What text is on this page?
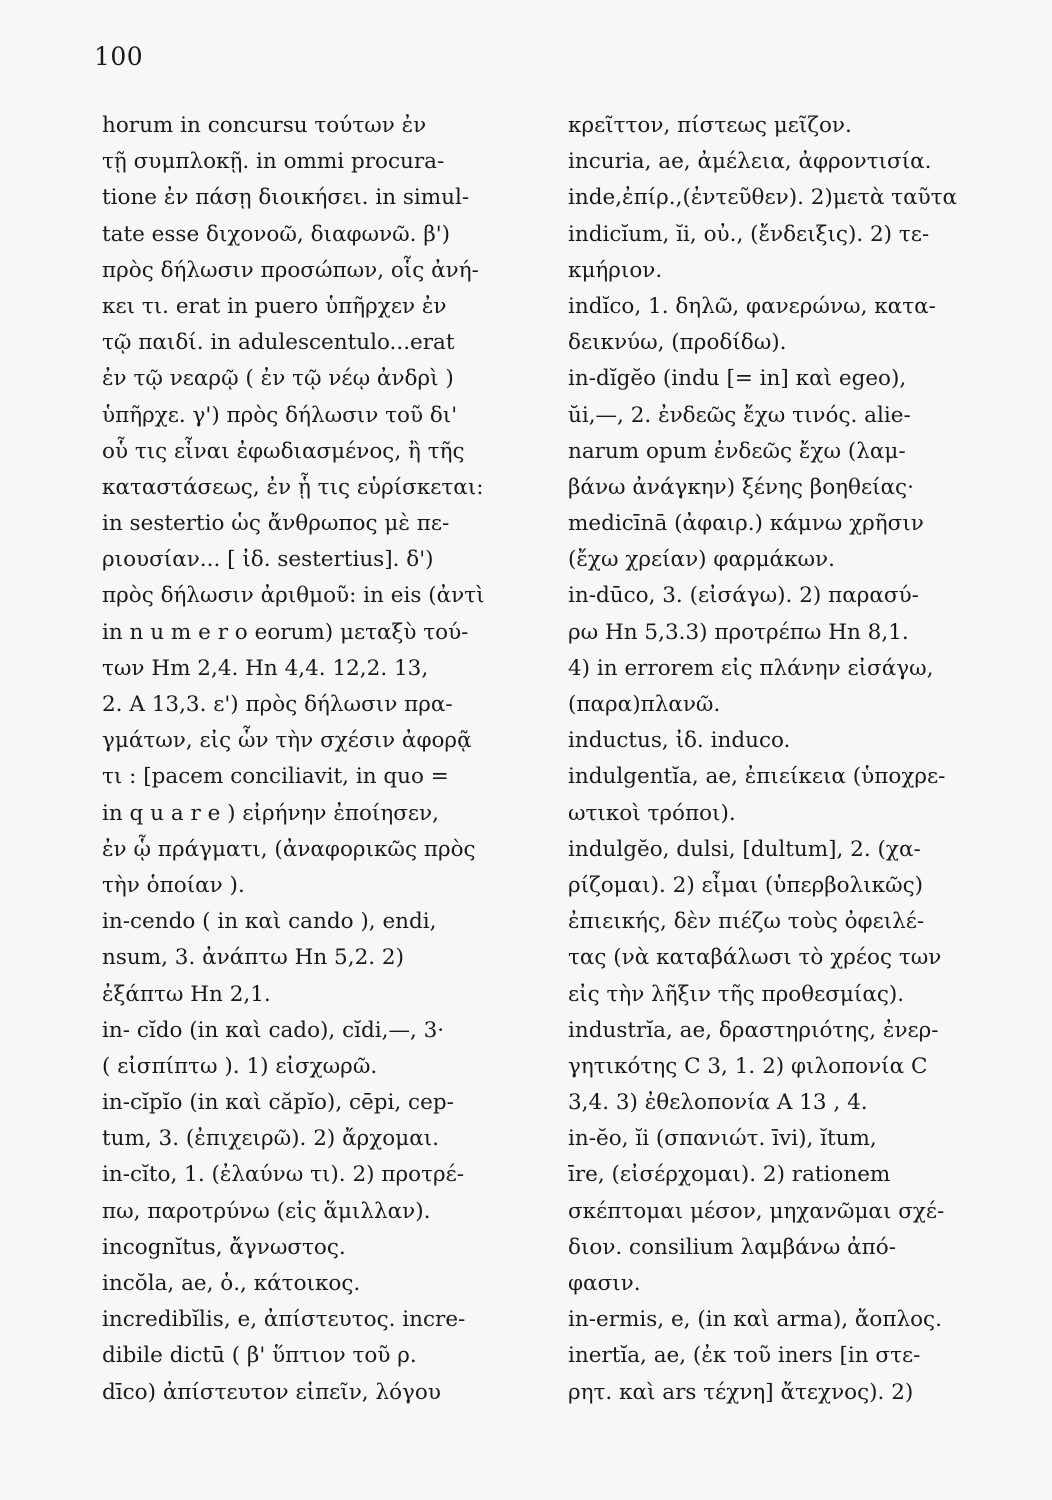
100
horum in concursu τούτων ἐν
τῇ συμπλοκῇ. in ommi procura-
tione ἐν πάσῃ διοικήσει. in simul-
tate esse διχονοῶ, διαφωνῶ. β')
πρὸς δήλωσιν προσώπων, οἷς ἀνή-
κει τι. erat in puero ὑπῆρχεν ἐν
τῷ παιδί. in adulescentulo...erat
ἐν τῷ νεαρῷ ( ἐν τῷ νέῳ ἀνδρὶ )
ὑπῆρχε. γ') πρὸς δήλωσιν τοῦ δι'
οὗ τις εἶναι ἐφωδιασμένος, ἢ τῆς
καταστάσεως, ἐν ᾗ τις εὑρίσκεται:
in sestertio ὡς ἄνθρωπος μὲ πε-
ριουσίαν... [ ἰδ. sestertius]. δ')
πρὸς δήλωσιν ἀριθμοῦ: in eis (ἀντὶ
in n u m e r o eorum) μεταξὺ τού-
των Hm 2,4. Hn 4,4. 12,2. 13,
2. A 13,3. ε') πρὸς δήλωσιν πρα-
γμάτων, εἰς ὧν τὴν σχέσιν ἀφορᾷ
τι : [pacem conciliavit, in quo =
in q u a r e ) εἰρήνην ἐποίησεν,
ἐν ᾧ πράγματι, (ἀναφορικῶς πρὸς
τὴν ὁποίαν ).
in-cendo ( in καὶ cando ), endi,
nsum, 3. ἀνάπτω Hn 5,2. 2)
ἐξάπτω Hn 2,1.
in- cĭdo (in καὶ cado), cĭdi,—, 3·
( εἰσπίπτω ). 1) εἰσχωρῶ.
in-cĭpĭo (in καὶ căpĭo), cēpi, cep-
tum, 3. (ἐπιχειρῶ). 2) ἄρχομαι.
in-cĭto, 1. (ἐλαύνω τι). 2) προτρέ-
πω, παροτρύνω (εἰς ἅμιλλαν).
incognĭtus, ἄγνωστος.
incŏla, ae, ὁ., κάτοικος.
incredibĭlis, e, ἀπίστευτος. incre-
dibile dictū ( β' ὕπτιον τοῦ ρ.
dīco) ἀπίστευτον εἰπεῖν, λόγου
κρεῖττον, πίστεως μεῖζον.
incuria, ae, ἀμέλεια, ἀφροντισία.
inde,ἐπίρ.,(ἐντεῦθεν). 2)μετὰ ταῦτα
indicĭum, ĭi, οὐ., (ἔνδειξις). 2) τε-
κμήριον.
indĭco, 1. δηλῶ, φανερώνω, κατα-
δεικνύω, (προδίδω).
in-dĭgĕo (indu [= in] καὶ egeo),
ŭi,—, 2. ἐνδεῶς ἔχω τινός. alie-
narum opum ἐνδεῶς ἔχω (λαμ-
βάνω ἀνάγκην) ξένης βοηθείας·
medicīnā (ἀφαιρ.) κάμνω χρῆσιν
(ἔχω χρείαν) φαρμάκων.
in-dūco, 3. (εἰσάγω). 2) παρασύ-
ρω Hn 5,3.3) προτρέπω Hn 8,1.
4) in errorem εἰς πλάνην εἰσάγω,
(παρα)πλανῶ.
inductus, ἰδ. induco.
indulgentĭa, ae, ἐπιείκεια (ὑποχρε-
ωτικοὶ τρόποι).
indulgĕo, dulsi, [dultum], 2. (χα-
ρίζομαι). 2) εἶμαι (ὑπερβολικῶς)
ἐπιεικής, δὲν πιέζω τοὺς ὀφειλέ-
τας (νὰ καταβάλωσι τὸ χρέος των
εἰς τὴν λῆξιν τῆς προθεσμίας).
industrĭa, ae, δραστηριότης, ἐνερ-
γητικότης C 3, 1. 2) φιλοπονία C
3,4. 3) ἐθελοπονία A 13 , 4.
in-ĕo, ĭi (σπανιώτ. īvi), ĭtum,
īre, (εἰσέρχομαι). 2) rationem
σκέπτομαι μέσον, μηχανῶμαι σχέ-
διον. consilium λαμβάνω ἀπό-
φασιν.
in-ermis, e, (in καὶ arma), ἄοπλος.
inertĭa, ae, (ἐκ τοῦ iners [in στε-
ρητ. καὶ ars τέχνη] ἄτεχνος). 2)
